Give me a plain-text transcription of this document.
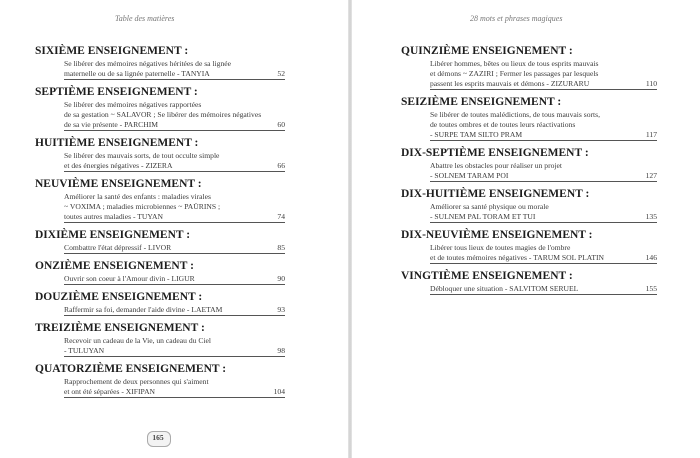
Table des matières
SIXIÈME ENSEIGNEMENT :
Se libérer des mémoires négatives héritées de sa lignée
maternelle ou de sa lignée paternelle - TANYIA	52
SEPTIÈME ENSEIGNEMENT :
Se libérer des mémoires négatives rapportées
de sa gestation ~ SALAVOR ; Se libérer des mémoires négatives
de sa vie présente - PARCHIM	60
HUITIÈME ENSEIGNEMENT :
Se libérer des mauvais sorts, de tout occulte simple
et des énergies négatives - ZIZERA	66
NEUVIÈME ENSEIGNEMENT :
Améliorer la santé des enfants : maladies virales
~ VOXIMA ; maladies microbiennes ~ PAÜRINS ;
toutes autres maladies - TUYAN	74
DIXIÈME ENSEIGNEMENT :
Combattre l'état dépressif - LIVOR	85
ONZIÈME ENSEIGNEMENT :
Ouvrir son coeur à l'Amour divin - LIGUR	90
DOUZIÈME ENSEIGNEMENT :
Raffermir sa foi, demander l'aide divine - LAETAM	93
TREIZIÈME ENSEIGNEMENT :
Recevoir un cadeau de la Vie, un cadeau du Ciel
- TULUYAN	98
QUATORZIÈME ENSEIGNEMENT :
Rapprochement de deux personnes qui s'aiment
et ont été séparées - XIFIPAN	104
165
28 mots et phrases magiques
QUINZIÈME ENSEIGNEMENT :
Libérer hommes, bêtes ou lieux de tous esprits mauvais
et démons ~ ZAZIRI ; Fermer les passages par lesquels
passent les esprits mauvais et démons - ZIZURARU	110
SEIZIÈME ENSEIGNEMENT :
Se libérer de toutes malédictions, de tous mauvais sorts,
de toutes ombres et de toutes leurs réactivations
- SURPE TAM SILTO PRAM	117
DIX-SEPTIÈME ENSEIGNEMENT :
Abattre les obstacles pour réaliser un projet
- SOLNEM TARAM POI	127
DIX-HUITIÈME ENSEIGNEMENT :
Améliorer sa santé physique ou morale
- SULNEM PAL TORAM ET TUI	135
DIX-NEUVIÈME ENSEIGNEMENT :
Libérer tous lieux de toutes magies de l'ombre
et de toutes mémoires négatives - TARUM SOL PLATIN	146
VINGTIÈME ENSEIGNEMENT :
Débloquer une situation - SALVITOM SERUEL	155
